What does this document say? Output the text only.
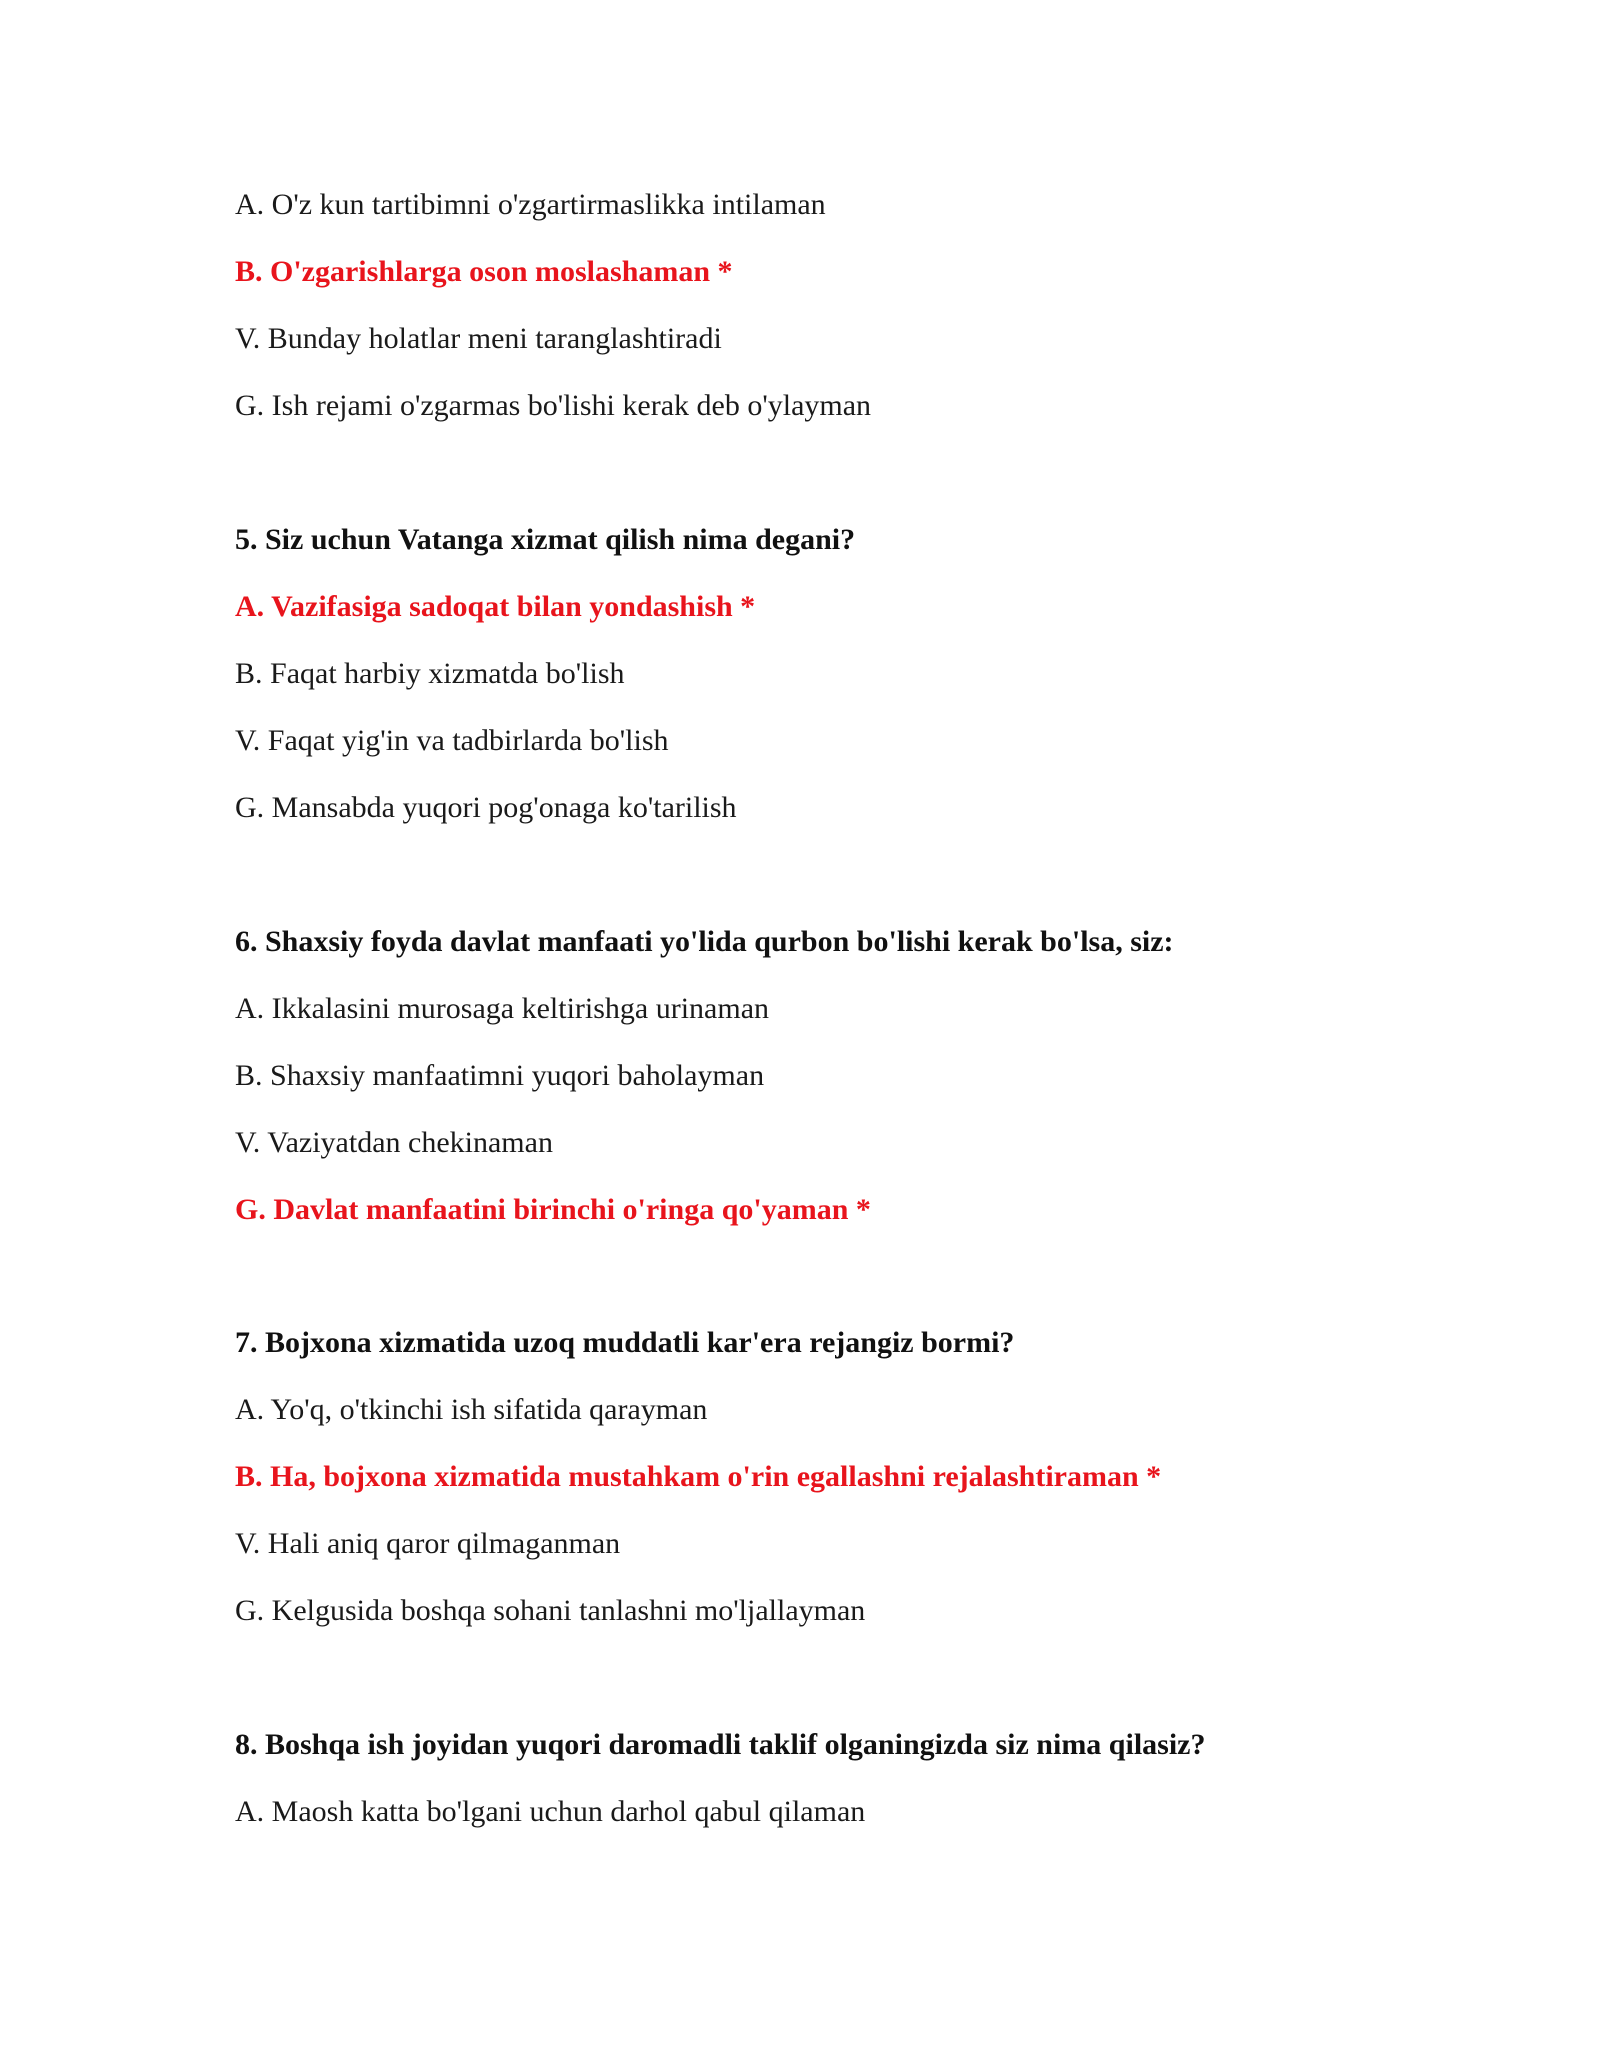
A. O'z kun tartibimni o'zgartirmaslikka intilaman
B. O'zgarishlarga oson moslashaman *
V. Bunday holatlar meni taranglashtiradi
G. Ish rejami o'zgarmas bo'lishi kerak deb o'ylayman
5. Siz uchun Vatanga xizmat qilish nima degani?
A. Vazifasiga sadoqat bilan yondashish *
B. Faqat harbiy xizmatda bo'lish
V. Faqat yig'in va tadbirlarda bo'lish
G. Mansabda yuqori pog'onaga ko'tarilish
6. Shaxsiy foyda davlat manfaati yo'lida qurbon bo'lishi kerak bo'lsa, siz:
A. Ikkalasini murosaga keltirishga urinaman
B. Shaxsiy manfaatimni yuqori baholayman
V. Vaziyatdan chekinaman
G. Davlat manfaatini birinchi o'ringa qo'yaman *
7. Bojxona xizmatida uzoq muddatli kar'era rejangiz bormi?
A. Yo'q, o'tkinchi ish sifatida qarayman
B. Ha, bojxona xizmatida mustahkam o'rin egallashni rejalashtiraman *
V. Hali aniq qaror qilmaganman
G. Kelgusida boshqa sohani tanlashni mo'ljallayman
8. Boshqa ish joyidan yuqori daromadli taklif olganingizda siz nima qilasiz?
A. Maosh katta bo'lgani uchun darhol qabul qilaman
